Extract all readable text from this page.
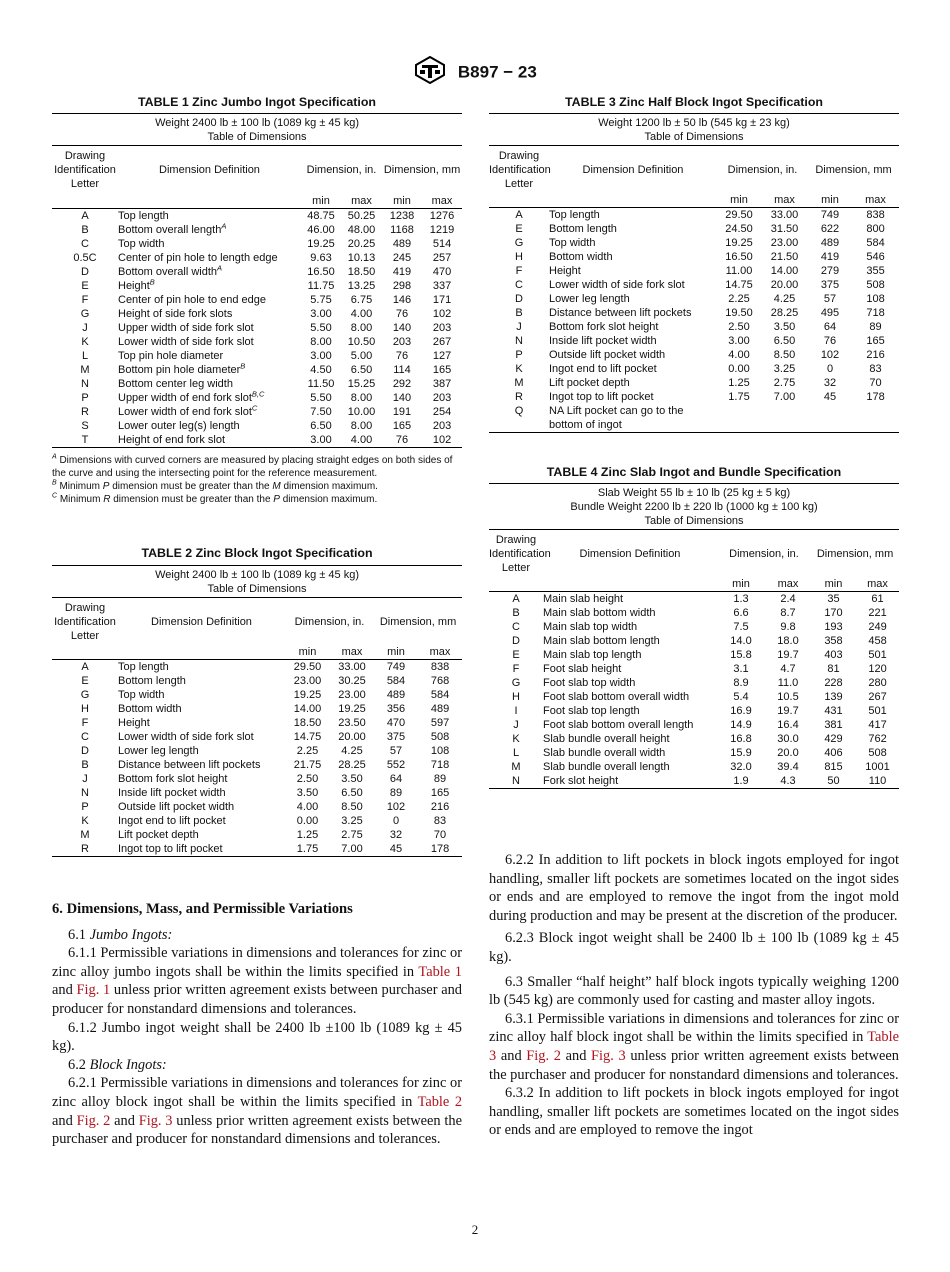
B897 − 23
TABLE 1 Zinc Jumbo Ingot Specification
Weight 2400 lb ± 100 lb (1089 kg ± 45 kg)					
Table of Dimensions					
Drawing Identification Letter	Dimension Definition	Dimension, in.		Dimension, mm	
		min	max	min	max
A	Top length	48.75	50.25	1238	1276
B	Bottom overall length$^A$	46.00	48.00	1168	1219
C	Top width	19.25	20.25	489	514
0.5C	Center of pin hole to length edge	9.63	10.13	245	257
D	Bottom overall width$^A$	16.50	18.50	419	470
E	Height$^B$	11.75	13.25	298	337
F	Center of pin hole to end edge	5.75	6.75	146	171
G	Height of side fork slots	3.00	4.00	76	102
J	Upper width of side fork slot	5.50	8.00	140	203
K	Lower width of side fork slot	8.00	10.50	203	267
L	Top pin hole diameter	3.00	5.00	76	127
M	Bottom pin hole diameter$^B$	4.50	6.50	114	165
N	Bottom center leg width	11.50	15.25	292	387
P	Upper width of end fork slot$^{B,C}$	5.50	8.00	140	203
R	Lower width of end fork slot$^C$	7.50	10.00	191	254
S	Lower outer leg(s) length	6.50	8.00	165	203
T	Height of end fork slot	3.00	4.00	76	102
$^A$ Dimensions with curved corners are measured by placing straight edges on both sides of the curve and using the intersecting point for the reference measurement.
$^B$ Minimum P dimension must be greater than the M dimension maximum.
$^C$ Minimum R dimension must be greater than the P dimension maximum.
TABLE 2 Zinc Block Ingot Specification
Weight 2400 lb ± 100 lb (1089 kg ± 45 kg)					
Table of Dimensions					
Drawing Identification Letter	Dimension Definition	Dimension, in.		Dimension, mm	
		min	max	min	max
A	Top length	29.50	33.00	749	838
E	Bottom length	23.00	30.25	584	768
G	Top width	19.25	23.00	489	584
H	Bottom width	14.00	19.25	356	489
F	Height	18.50	23.50	470	597
C	Lower width of side fork slot	14.75	20.00	375	508
D	Lower leg length	2.25	4.25	57	108
B	Distance between lift pockets	21.75	28.25	552	718
J	Bottom fork slot height	2.50	3.50	64	89
N	Inside lift pocket width	3.50	6.50	89	165
P	Outside lift pocket width	4.00	8.50	102	216
K	Ingot end to lift pocket	0.00	3.25	0	83
M	Lift pocket depth	1.25	2.75	32	70
R	Ingot top to lift pocket	1.75	7.00	45	178
TABLE 3 Zinc Half Block Ingot Specification
Weight 1200 lb ± 50 lb (545 kg ± 23 kg)					
Table of Dimensions					
Drawing Identification Letter	Dimension Definition	Dimension, in.		Dimension, mm	
		min	max	min	max
A	Top length	29.50	33.00	749	838
E	Bottom length	24.50	31.50	622	800
G	Top width	19.25	23.00	489	584
H	Bottom width	16.50	21.50	419	546
F	Height	11.00	14.00	279	355
C	Lower width of side fork slot	14.75	20.00	375	508
D	Lower leg length	2.25	4.25	57	108
B	Distance between lift pockets	19.50	28.25	495	718
J	Bottom fork slot height	2.50	3.50	64	89
N	Inside lift pocket width	3.00	6.50	76	165
P	Outside lift pocket width	4.00	8.50	102	216
K	Ingot end to lift pocket	0.00	3.25	0	83
M	Lift pocket depth	1.25	2.75	32	70
R	Ingot top to lift pocket	1.75	7.00	45	178
Q	NA Lift pocket can go to the
bottom of ingot				
TABLE 4 Zinc Slab Ingot and Bundle Specification
Slab Weight 55 lb ± 10 lb (25 kg ± 5 kg)					
Bundle Weight 2200 lb ± 220 lb (1000 kg ± 100 kg)					
Table of Dimensions					
Drawing Identification Letter	Dimension Definition	Dimension, in.		Dimension, mm	
		min	max	min	max
A	Main slab height	1.3	2.4	35	61
B	Main slab bottom width	6.6	8.7	170	221
C	Main slab top width	7.5	9.8	193	249
D	Main slab bottom length	14.0	18.0	358	458
E	Main slab top length	15.8	19.7	403	501
F	Foot slab height	3.1	4.7	81	120
G	Foot slab top width	8.9	11.0	228	280
H	Foot slab bottom overall width	5.4	10.5	139	267
I	Foot slab top length	16.9	19.7	431	501
J	Foot slab bottom overall length	14.9	16.4	381	417
K	Slab bundle overall height	16.8	30.0	429	762
L	Slab bundle overall width	15.9	20.0	406	508
M	Slab bundle overall length	32.0	39.4	815	1001
N	Fork slot height	1.9	4.3	50	110
6. Dimensions, Mass, and Permissible Variations

6.1 Jumbo Ingots:

6.1.1 Permissible variations in dimensions and tolerances for zinc or zinc alloy jumbo ingots shall be within the limits specified in Table 1 and Fig. 1 unless prior written agreement exists between purchaser and producer for nonstandard dimensions and tolerances.

6.1.2 Jumbo ingot weight shall be 2400 lb ±100 lb (1089 kg ± 45 kg).

6.2 Block Ingots:

6.2.1 Permissible variations in dimensions and tolerances for zinc or zinc alloy block ingot shall be within the limits specified in Table 2 and Fig. 2 and Fig. 3 unless prior written agreement exists between the purchaser and producer for nonstandard dimensions and tolerances.

6.2.2 In addition to lift pockets in block ingots employed for ingot handling, smaller lift pockets are sometimes located on the ingot sides or ends and are employed to remove the ingot from the ingot mold during production and may be present at the discretion of the producer.

6.2.3 Block ingot weight shall be 2400 lb ± 100 lb (1089 kg ± 45 kg).

6.3 Smaller “half height” half block ingots typically weighing 1200 lb (545 kg) are commonly used for casting and master alloy ingots.

6.3.1 Permissible variations in dimensions and tolerances for zinc or zinc alloy half block ingot shall be within the limits specified in Table 3 and Fig. 2 and Fig. 3 unless prior written agreement exists between the purchaser and producer for nonstandard dimensions and tolerances.

6.3.2 In addition to lift pockets in block ingots employed for ingot handling, smaller lift pockets are sometimes located on the ingot sides or ends and are employed to remove the ingot

2
